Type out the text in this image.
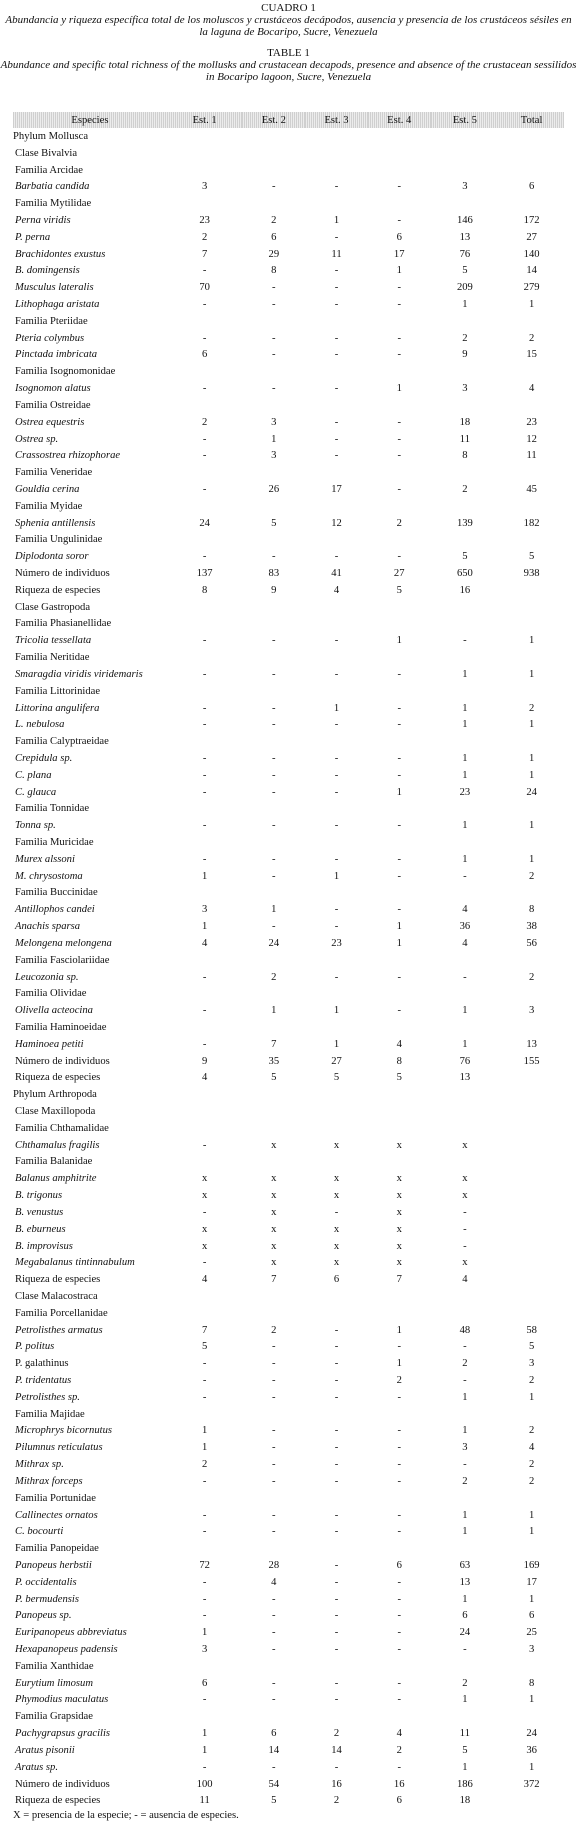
CUADRO 1
Abundancia y riqueza específica total de los moluscos y crustáceos decápodos, ausencia y presencia de los crustáceos sésiles en la laguna de Bocaripo, Sucre, Venezuela
TABLE 1
Abundance and specific total richness of the mollusks and crustacean decapods, presence and absence of the crustacean sessilidos in Bocaripo lagoon, Sucre, Venezuela
Especies	Est. 1	Est. 2	Est. 3	Est. 4	Est. 5	Total
Phylum Mollusca						
Clase Bivalvia						
Familia Arcidae						
Barbatia candida	3	-	-	-	3	6
Familia Mytilidae						
Perna viridis	23	2	1	-	146	172
P. perna	2	6	-	6	13	27
Brachidontes exustus	7	29	11	17	76	140
B. domingensis	-	8	-	1	5	14
Musculus lateralis	70	-	-	-	209	279
Lithophaga aristata	-	-	-	-	1	1
Familia Pteriidae						
Pteria colymbus	-	-	-	-	2	2
Pinctada imbricata	6	-	-	-	9	15
Familia Isognomonidae						
Isognomon alatus	-	-	-	1	3	4
Familia Ostreidae						
Ostrea equestris	2	3	-	-	18	23
Ostrea sp.	-	1	-	-	11	12
Crassostrea rhizophorae	-	3	-	-	8	11
Familia Veneridae						
Gouldia cerina	-	26	17	-	2	45
Familia Myidae						
Sphenia antillensis	24	5	12	2	139	182
Familia Ungulinidae						
Diplodonta soror	-	-	-	-	5	5
Número de individuos	137	83	41	27	650	938
Riqueza de especies	8	9	4	5	16	
Clase Gastropoda						
Familia Phasianellidae						
Tricolia tessellata	-	-	-	1	-	1
Familia Neritidae						
Smaragdia viridis viridemaris	-	-	-	-	1	1
Familia Littorinidae						
Littorina angulifera	-	-	1	-	1	2
L. nebulosa	-	-	-	-	1	1
Familia Calyptraeidae						
Crepidula sp.	-	-	-	-	1	1
C. plana	-	-	-	-	1	1
C. glauca	-	-	-	1	23	24
Familia Tonnidae						
Tonna sp.	-	-	-	-	1	1
Familia Muricidae						
Murex alssoni	-	-	-	-	1	1
M. chrysostoma	1	-	1	-	-	2
Familia Buccinidae						
Antillophos candei	3	1	-	-	4	8
Anachis sparsa	1	-	-	1	36	38
Melongena melongena	4	24	23	1	4	56
Familia Fasciolariidae						
Leucozonia sp.	-	2	-	-	-	2
Familia Olividae						
Olivella acteocina	-	1	1	-	1	3
Familia Haminoeidae						
Haminoea petiti	-	7	1	4	1	13
Número de individuos	9	35	27	8	76	155
Riqueza de especies	4	5	5	5	13	
Phylum Arthropoda						
Clase Maxillopoda						
Familia Chthamalidae						
Chthamalus fragilis	-	x	x	x	x	
Familia Balanidae						
Balanus amphitrite	x	x	x	x	x	
B. trigonus	x	x	x	x	x	
B. venustus	-	x	-	x	-	
B. eburneus	x	x	x	x	-	
B. improvisus	x	x	x	x	-	
Megabalanus tintinnabulum	-	x	x	x	x	
Riqueza de especies	4	7	6	7	4	
Clase Malacostraca						
Familia Porcellanidae						
Petrolisthes armatus	7	2	-	1	48	58
P. politus	5	-	-	-	-	5
P. galathinus	-	-	-	1	2	3
P. tridentatus	-	-	-	2	-	2
Petrolisthes sp.	-	-	-	-	1	1
Familia Majidae						
Microphrys bicornutus	1	-	-	-	1	2
Pilumnus reticulatus	1	-	-	-	3	4
Mithrax sp.	2	-	-	-	-	2
Mithrax forceps	-	-	-	-	2	2
Familia Portunidae						
Callinectes ornatos	-	-	-	-	1	1
C. bocourti	-	-	-	-	1	1
Familia Panopeidae						
Panopeus herbstii	72	28	-	6	63	169
P. occidentalis	-	4	-	-	13	17
P. bermudensis	-	-	-	-	1	1
Panopeus sp.	-	-	-	-	6	6
Euripanopeus abbreviatus	1	-	-	-	24	25
Hexapanopeus padensis	3	-	-	-	-	3
Familia Xanthidae						
Eurytium limosum	6	-	-	-	2	8
Phymodius maculatus	-	-	-	-	1	1
Familia Grapsidae						
Pachygrapsus gracilis	1	6	2	4	11	24
Aratus pisonii	1	14	14	2	5	36
Aratus sp.	-	-	-	-	1	1
Número de individuos	100	54	16	16	186	372
Riqueza de especies	11	5	2	6	18	
X = presencia de la especie; - = ausencia de especies.
